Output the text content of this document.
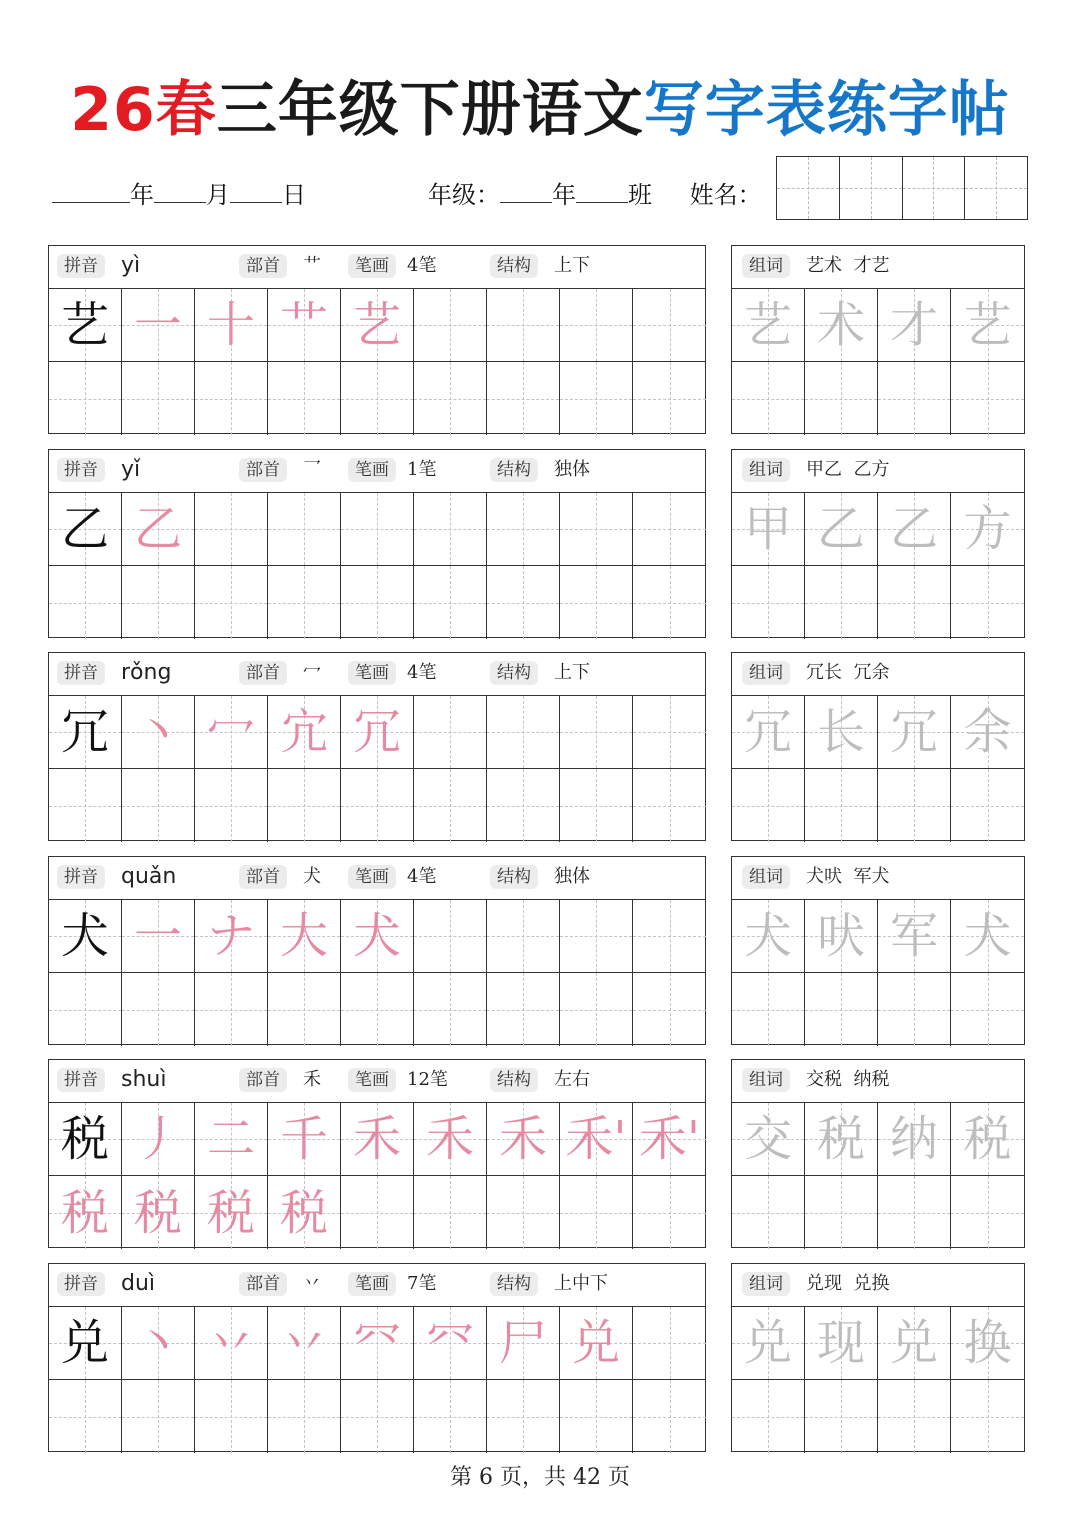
26春三年级下册语文写字表练字帖
年 月 日	年级： 年 班 姓名：
拼音	yì	部首	艹	笔画	4笔	结构	上下
艺 一 十 艹 艺
组词	艺术  才艺
艺 术 才 艺
拼音	yǐ	部首	乛	笔画	1笔	结构	独体
乙 乙
组词	甲乙  乙方
甲 乙 乙 方
拼音	rǒng	部首	冖	笔画	4笔	结构	上下
冗 丶 冖 宂 冗
组词	冗长  冗余
冗 长 冗 余
拼音	quǎn	部首	犬	笔画	4笔	结构	独体
犬 一 ナ 大 犬
组词	犬吠  军犬
犬 吠 军 犬
拼音	shuì	部首	禾	笔画	12笔	结构	左右
税 丿 二 千 禾 禾 禾 禾' 禾'
税 税 税 税
组词	交税  纳税
交 税 纳 税
拼音	duì	部首	丷	笔画	7笔	结构	上中下
兑 丶 丷 丷 㓁 㓁 尸 兑
组词	兑现  兑换
兑 现 兑 换
第 6 页，共 42 页
